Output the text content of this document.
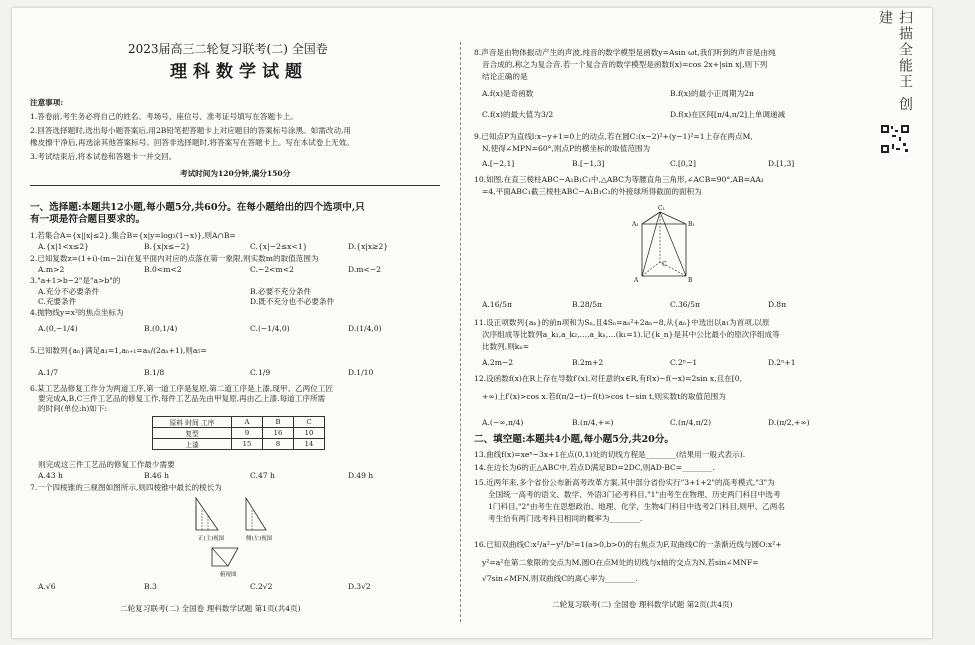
2023届高三二轮复习联考(二) 全国卷
理科数学试题
注意事项:
1.答卷前,考生务必将自己的姓名、考场号、座位号、准考证号填写在答题卡上。
2.回答选择题时,选出每小题答案后,用2B铅笔把答题卡上对应题目的答案标号涂黑。如需改动,用
橡皮擦干净后,再选涂其他答案标号。回答非选择题时,将答案写在答题卡上。写在本试卷上无效。
3.考试结束后,将本试卷和答题卡一并交回。
考试时间为120分钟,满分150分
一、选择题:本题共12小题,每小题5分,共60分。在每小题给出的四个选项中,只
有一项是符合题目要求的。
1.若集合A={x||x|≤2},集合B={x|y=log₂(1−x)},则A∩B=
A.{x|1<x≤2}	B.{x|x≤−2}	C.{x|−2≤x<1}	D.{x|x≥2}
2.已知复数z=(1+i)·(m−2i)在复平面内对应的点落在第一象限,则实数m的取值范围为
A.m>2	B.0<m<2	C.−2<m<2	D.m<−2
3."a+1>b−2"是"a>b"的
A.充分不必要条件	B.必要不充分条件
C.充要条件	D.既不充分也不必要条件
4.抛物线y=x²的焦点坐标为
A.(0,−1/4)	B.(0,1/4)	C.(−1/4,0)	D.(1/4,0)
5.已知数列{aₙ}满足a₁=1,aₙ₊₁=aₙ/(2aₙ+1),则a₅=
A.1/7	B.1/8	C.1/9	D.1/10
6.某工艺品修复工作分为两道工序,第一道工序是复原,第二道工序是上漆,现甲、乙两位工匠
要完成A,B,C三件工艺品的修复工作,每件工艺品先由甲复原,再由乙上漆.每道工序所需
的时间(单位:h)如下:
原料 时间 工序	A	B	C
复型	9	16	10
上漆	15	8	14
则完成这三件工艺品的修复工作最少需要
A.43 h	B.46 h	C.47 h	D.49 h
7.一个四棱锥的三视图如图所示,则四棱锥中最长的棱长为
正(主)视图	侧(左)视图
俯视图
A.√6	B.3	C.2√2	D.3√2
二轮复习联考(二) 全国卷 理科数学试题 第1页(共4页)
8.声音是由物体振动产生的声波,纯音的数学模型是函数y=Asin ωt,我们听到的声音是由纯
音合成的,称之为复合音.若一个复合音的数学模型是函数f(x)=cos 2x+|sin x|,则下列
结论正确的是
A.f(x)是奇函数	B.f(x)的最小正周期为2π
C.f(x)的最大值为3/2	D.f(x)在区间[π/4,π/2]上单调递减
9.已知点P为直线l:x−y+1=0上的动点,若在圆C:(x−2)²+(y−1)²=1上存在两点M,
N,使得∠MPN=60°,则点P的横坐标的取值范围为
A.[−2,1]	B.[−1,3]	C.[0,2]	D.[1,3]
10.如图,在直三棱柱ABC−A₁B₁C₁中,△ABC为等腰直角三角形,∠ACB=90°,AB=AA₁
=4,平面ABC₁截三棱柱ABC−A₁B₁C₁的外接球所得截面的面积为
C₁
A₁	B₁
A	B
C
A.16/5π	B.28/5π	C.36/5π	D.8π
11.设正项数列{aₙ}的前n项和为Sₙ,且4Sₙ=aₙ²+2aₙ−8,从{aₙ}中选出以a₁为首项,以原
次序组成等比数列a_k₁,a_k₂,…,a_kₙ,…(k₁=1).记{k_n}是其中公比最小的原次序组成等
比数列,则kₙ=
A.2m−2	B.2m+2	C.2ⁿ−1	D.2ⁿ+1
12.设函数f(x)在R上存在导数f′(x),对任意的x∈R,有f(x)−f(−x)=2sin x,且在[0,
+∞)上f′(x)>cos x.若f(π/2−t)−f(t)>cos t−sin t,则实数t的取值范围为
A.(−∞,π/4)	B.(π/4,+∞)	C.(π/4,π/2)	D.(π/2,+∞)
二、填空题:本题共4小题,每小题5分,共20分。
13.曲线f(x)=xeˣ−3x+1在点(0,1)处的切线方程是________(结果用一般式表示).
14.在边长为6的正△ABC中,若点D满足BD=2DC,则AD·BC=________.
15.近两年来,多个省份公布新高考改革方案,其中部分省份实行"3+1+2"的高考模式,"3"为
全国统一高考的语文、数学、外语3门必考科目,"1"由考生在物理、历史两门科目中选考
1门科目,"2"由考生在思想政治、地理、化学、生物4门科目中选考2门科目,则甲、乙两名
考生恰有两门选考科目相同的概率为________.
16.已知双曲线C:x²/a²−y²/b²=1(a>0,b>0)的右焦点为F,双曲线C的一条渐近线与圆O:x²+
y²=a²在第二象限的交点为M,圆O在点M处的切线与x轴的交点为N,若sin∠MNF=
√7sin∠MFN,则双曲线C的离心率为________.
二轮复习联考(二) 全国卷 理科数学试题 第2页(共4页)
扫描全能王 创建
